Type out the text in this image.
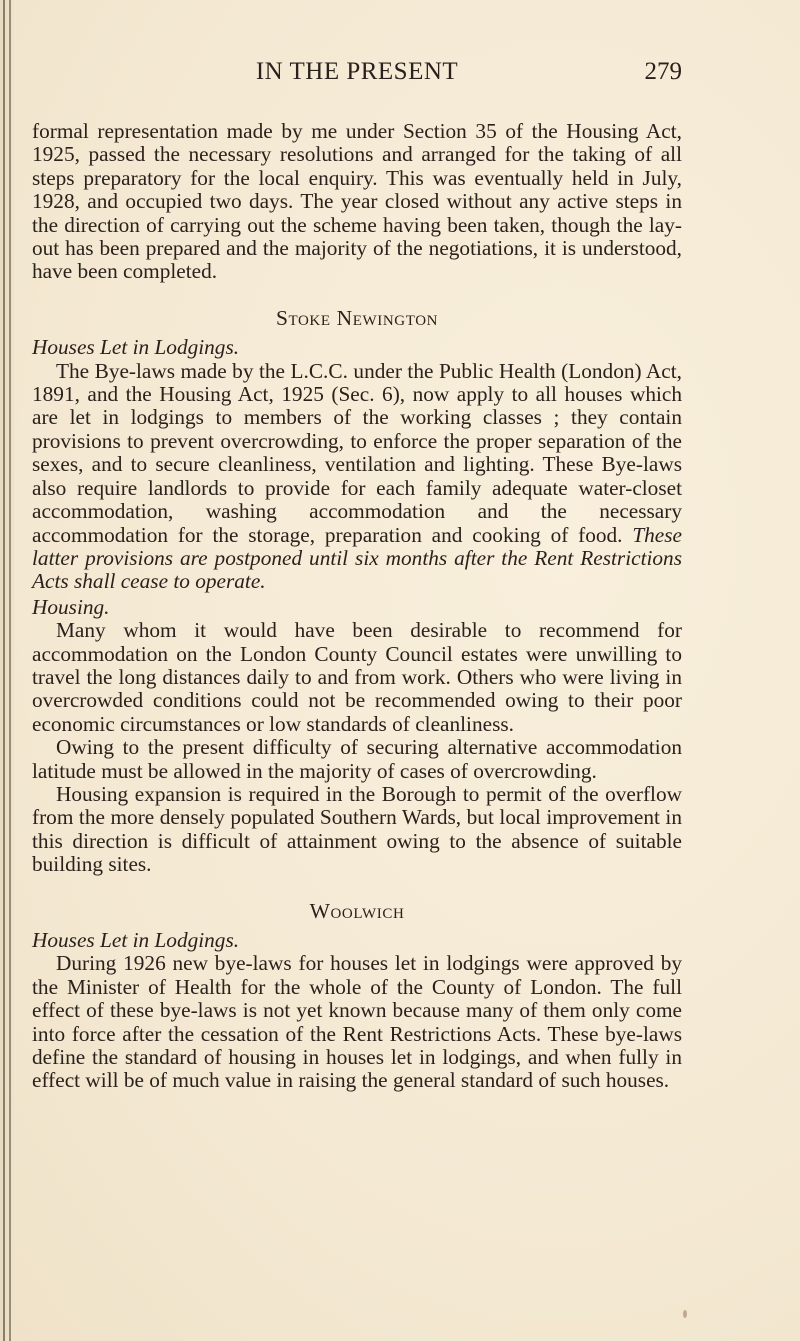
IN THE PRESENT	279

formal representation made by me under Section 35 of the Housing Act, 1925, passed the necessary resolutions and arranged for the taking of all steps preparatory for the local enquiry. This was eventually held in July, 1928, and occupied two days. The year closed without any active steps in the direction of carrying out the scheme having been taken, though the lay-out has been prepared and the majority of the negotiations, it is understood, have been completed.

Stoke Newington

Houses Let in Lodgings.

The Bye-laws made by the L.C.C. under the Public Health (London) Act, 1891, and the Housing Act, 1925 (Sec. 6), now apply to all houses which are let in lodgings to members of the working classes ; they contain provisions to prevent overcrowding, to enforce the proper separation of the sexes, and to secure cleanliness, ventilation and lighting. These Bye-laws also require landlords to provide for each family adequate water-closet accommodation, washing accommodation and the necessary accommodation for the storage, preparation and cooking of food. These latter provisions are postponed until six months after the Rent Restrictions Acts shall cease to operate.

Housing.

Many whom it would have been desirable to recommend for accommodation on the London County Council estates were unwilling to travel the long distances daily to and from work. Others who were living in overcrowded conditions could not be recommended owing to their poor economic circumstances or low standards of cleanliness.

Owing to the present difficulty of securing alternative accommodation latitude must be allowed in the majority of cases of overcrowding.

Housing expansion is required in the Borough to permit of the overflow from the more densely populated Southern Wards, but local improvement in this direction is difficult of attainment owing to the absence of suitable building sites.

Woolwich

Houses Let in Lodgings.

During 1926 new bye-laws for houses let in lodgings were approved by the Minister of Health for the whole of the County of London. The full effect of these bye-laws is not yet known because many of them only come into force after the cessation of the Rent Restrictions Acts. These bye-laws define the standard of housing in houses let in lodgings, and when fully in effect will be of much value in raising the general standard of such houses.
